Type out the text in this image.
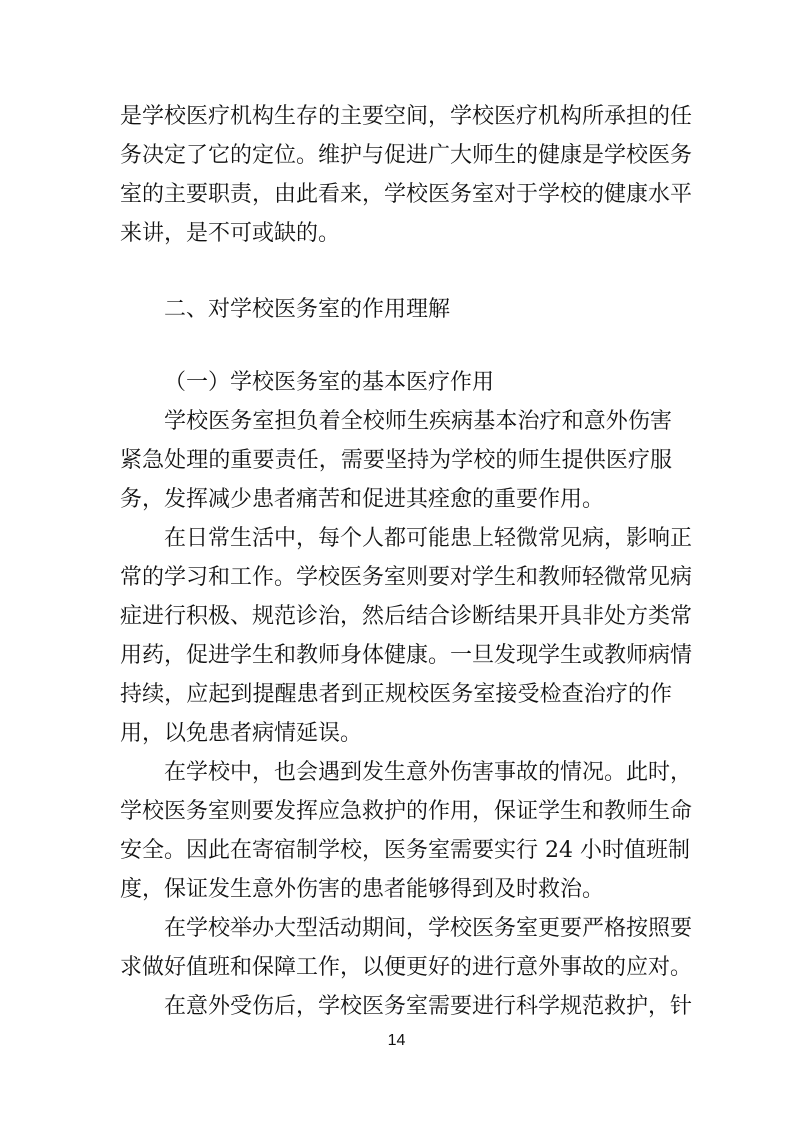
是学校医疗机构生存的主要空间，学校医疗机构所承担的任

务决定了它的定位。维护与促进广大师生的健康是学校医务

室的主要职责，由此看来，学校医务室对于学校的健康水平

来讲，是不可或缺的。

二、对学校医务室的作用理解

（一）学校医务室的基本医疗作用

学校医务室担负着全校师生疾病基本治疗和意外伤害

紧急处理的重要责任，需要坚持为学校的师生提供医疗服

务，发挥减少患者痛苦和促进其痊愈的重要作用。

在日常生活中，每个人都可能患上轻微常见病，影响正

常的学习和工作。学校医务室则要对学生和教师轻微常见病

症进行积极、规范诊治，然后结合诊断结果开具非处方类常

用药，促进学生和教师身体健康。一旦发现学生或教师病情

持续，应起到提醒患者到正规校医务室接受检查治疗的作

用，以免患者病情延误。

在学校中，也会遇到发生意外伤害事故的情况。此时，

学校医务室则要发挥应急救护的作用，保证学生和教师生命

安全。因此在寄宿制学校，医务室需要实行 24 小时值班制

度，保证发生意外伤害的患者能够得到及时救治。

在学校举办大型活动期间，学校医务室更要严格按照要

求做好值班和保障工作，以便更好的进行意外事故的应对。

在意外受伤后，学校医务室需要进行科学规范救护，针

14
